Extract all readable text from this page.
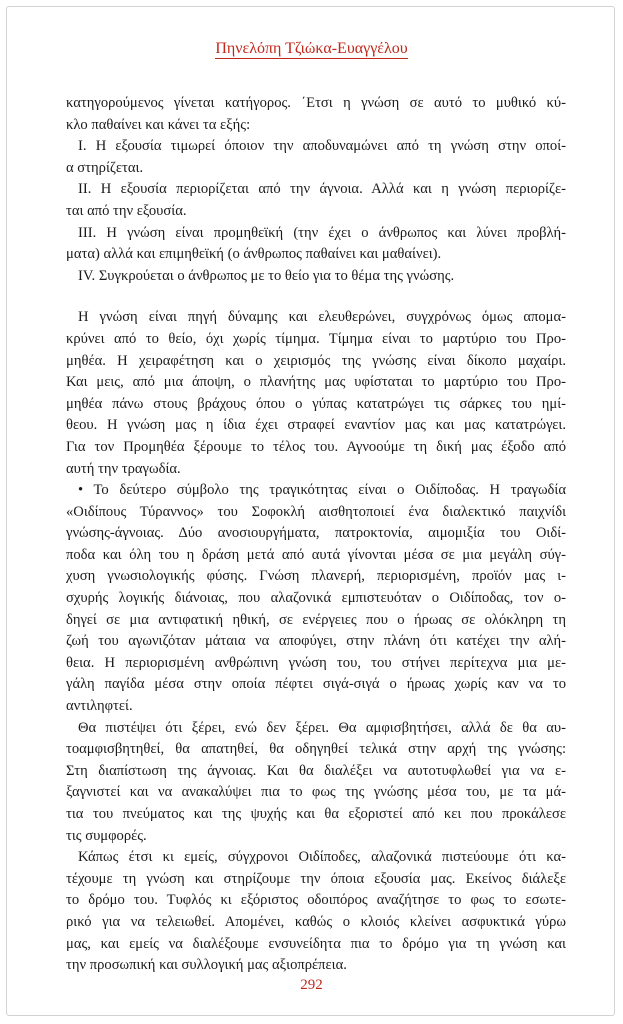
Πηνελόπη Τζιώκα-Ευαγγέλου
κατηγορούμενος γίνεται κατήγορος. ΄Ετσι η γνώση σε αυτό το μυθικό κύ-
κλο παθαίνει και κάνει τα εξής:
Ι. Η εξουσία τιμωρεί όποιον την αποδυναμώνει από τη γνώση στην οποί-
α στηρίζεται.
ΙΙ. Η εξουσία περιορίζεται από την άγνοια. Αλλά και η γνώση περιορίζε-
ται από την εξουσία.
ΙΙΙ. Η γνώση είναι προμηθεϊκή (την έχει ο άνθρωπος και λύνει προβλή-
ματα) αλλά και επιμηθεϊκή (ο άνθρωπος παθαίνει και μαθαίνει).
ΙV. Συγκρούεται ο άνθρωπος με το θείο για το θέμα της γνώσης.
Η γνώση είναι πηγή δύναμης και ελευθερώνει, συγχρόνως όμως απομα-
κρύνει από το θείο, όχι χωρίς τίμημα. Τίμημα είναι το μαρτύριο του Προ-
μηθέα. Η χειραφέτηση και ο χειρισμός της γνώσης είναι δίκοπο μαχαίρι.
Και μεις, από μια άποψη, ο πλανήτης μας υφίσταται το μαρτύριο του Προ-
μηθέα πάνω στους βράχους όπου ο γύπας κατατρώγει τις σάρκες του ημί-
θεου. Η γνώση μας η ίδια έχει στραφεί εναντίον μας και μας κατατρώγει.
Για τον Προμηθέα ξέρουμε το τέλος του. Αγνοούμε τη δική μας έξοδο από
αυτή την τραγωδία.
• Το δεύτερο σύμβολο της τραγικότητας είναι ο Οιδίποδας. Η τραγωδία
«Οιδίπους Τύραννος» του Σοφοκλή αισθητοποιεί ένα διαλεκτικό παιχνίδι
γνώσης-άγνοιας. Δύο ανοσιουργήματα, πατροκτονία, αιμομιξία του Οιδί-
ποδα και όλη του η δράση μετά από αυτά γίνονται μέσα σε μια μεγάλη σύγ-
χυση γνωσιολογικής φύσης. Γνώση πλανερή, περιορισμένη, προϊόν μας ι-
σχυρής λογικής διάνοιας, που αλαζονικά εμπιστευόταν ο Οιδίποδας, τον ο-
δηγεί σε μια αντιφατική ηθική, σε ενέργειες που ο ήρωας σε ολόκληρη τη
ζωή του αγωνιζόταν μάταια να αποφύγει, στην πλάνη ότι κατέχει την αλή-
θεια. Η περιορισμένη ανθρώπινη γνώση του, του στήνει περίτεχνα μια με-
γάλη παγίδα μέσα στην οποία πέφτει σιγά-σιγά ο ήρωας χωρίς καν να το
αντιληφτεί.
Θα πιστέψει ότι ξέρει, ενώ δεν ξέρει. Θα αμφισβητήσει, αλλά δε θα αυ-
τοαμφισβητηθεί, θα απατηθεί, θα οδηγηθεί τελικά στην αρχή της γνώσης:
Στη διαπίστωση της άγνοιας. Και θα διαλέξει να αυτοτυφλωθεί για να ε-
ξαγνιστεί και να ανακαλύψει πια το φως της γνώσης μέσα του, με τα μά-
τια του πνεύματος και της ψυχής και θα εξοριστεί από κει που προκάλεσε
τις συμφορές.
Κάπως έτσι κι εμείς, σύγχρονοι Οιδίποδες, αλαζονικά πιστεύουμε ότι κα-
τέχουμε τη γνώση και στηρίζουμε την όποια εξουσία μας. Εκείνος διάλεξε
το δρόμο του. Τυφλός κι εξόριστος οδοιπόρος αναζήτησε το φως το εσωτε-
ρικό για να τελειωθεί. Απομένει, καθώς ο κλοιός κλείνει ασφυκτικά γύρω
μας, και εμείς να διαλέξουμε ενσυνείδητα πια το δρόμο για τη γνώση και
την προσωπική και συλλογική μας αξιοπρέπεια.
292
